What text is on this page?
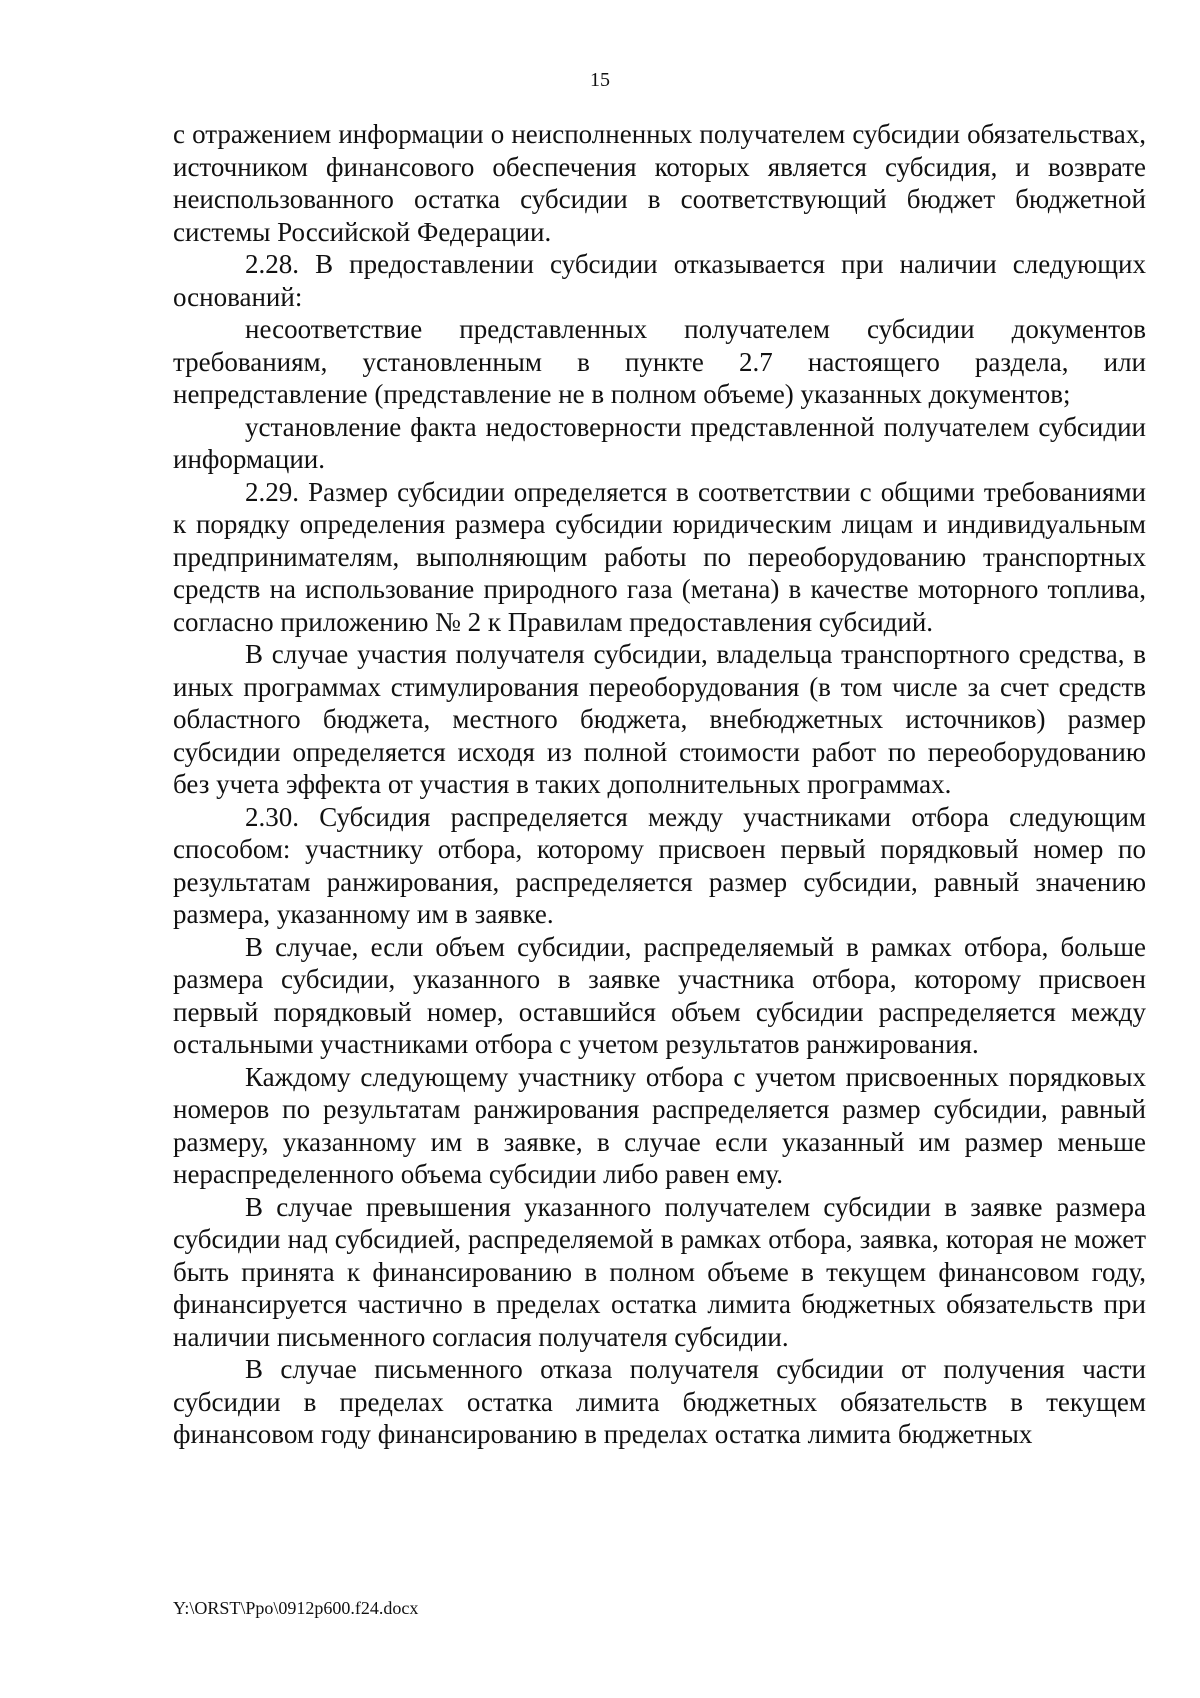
15

с отражением информации о неисполненных получателем субсидии обязательствах, источником финансового обеспечения которых является субсидия, и возврате неиспользованного остатка субсидии в соответствующий бюджет бюджетной системы Российской Федерации.

2.28. В предоставлении субсидии отказывается при наличии следующих оснований:

несоответствие представленных получателем субсидии документов требованиям, установленным в пункте 2.7 настоящего раздела, или непредставление (представление не в полном объеме) указанных документов;

установление факта недостоверности представленной получателем субсидии информации.

2.29. Размер субсидии определяется в соответствии с общими требованиями к порядку определения размера субсидии юридическим лицам и индивидуальным предпринимателям, выполняющим работы по переоборудованию транспортных средств на использование природного газа (метана) в качестве моторного топлива, согласно приложению № 2 к Правилам предоставления субсидий.

В случае участия получателя субсидии, владельца транспортного средства, в иных программах стимулирования переоборудования (в том числе за счет средств областного бюджета, местного бюджета, внебюджетных источников) размер субсидии определяется исходя из полной стоимости работ по переоборудованию без учета эффекта от участия в таких дополнительных программах.

2.30. Субсидия распределяется между участниками отбора следующим способом: участнику отбора, которому присвоен первый порядковый номер по результатам ранжирования, распределяется размер субсидии, равный значению размера, указанному им в заявке.

В случае, если объем субсидии, распределяемый в рамках отбора, больше размера субсидии, указанного в заявке участника отбора, которому присвоен первый порядковый номер, оставшийся объем субсидии распределяется между остальными участниками отбора с учетом результатов ранжирования.

Каждому следующему участнику отбора с учетом присвоенных порядковых номеров по результатам ранжирования распределяется размер субсидии, равный размеру, указанному им в заявке, в случае если указанный им размер меньше нераспределенного объема субсидии либо равен ему.

В случае превышения указанного получателем субсидии в заявке размера субсидии над субсидией, распределяемой в рамках отбора, заявка, которая не может быть принята к финансированию в полном объеме в текущем финансовом году, финансируется частично в пределах остатка лимита бюджетных обязательств при наличии письменного согласия получателя субсидии.

В случае письменного отказа получателя субсидии от получения части субсидии в пределах остатка лимита бюджетных обязательств в текущем финансовом году финансированию в пределах остатка лимита бюджетных

Y:\ORST\Ppo\0912p600.f24.docx
